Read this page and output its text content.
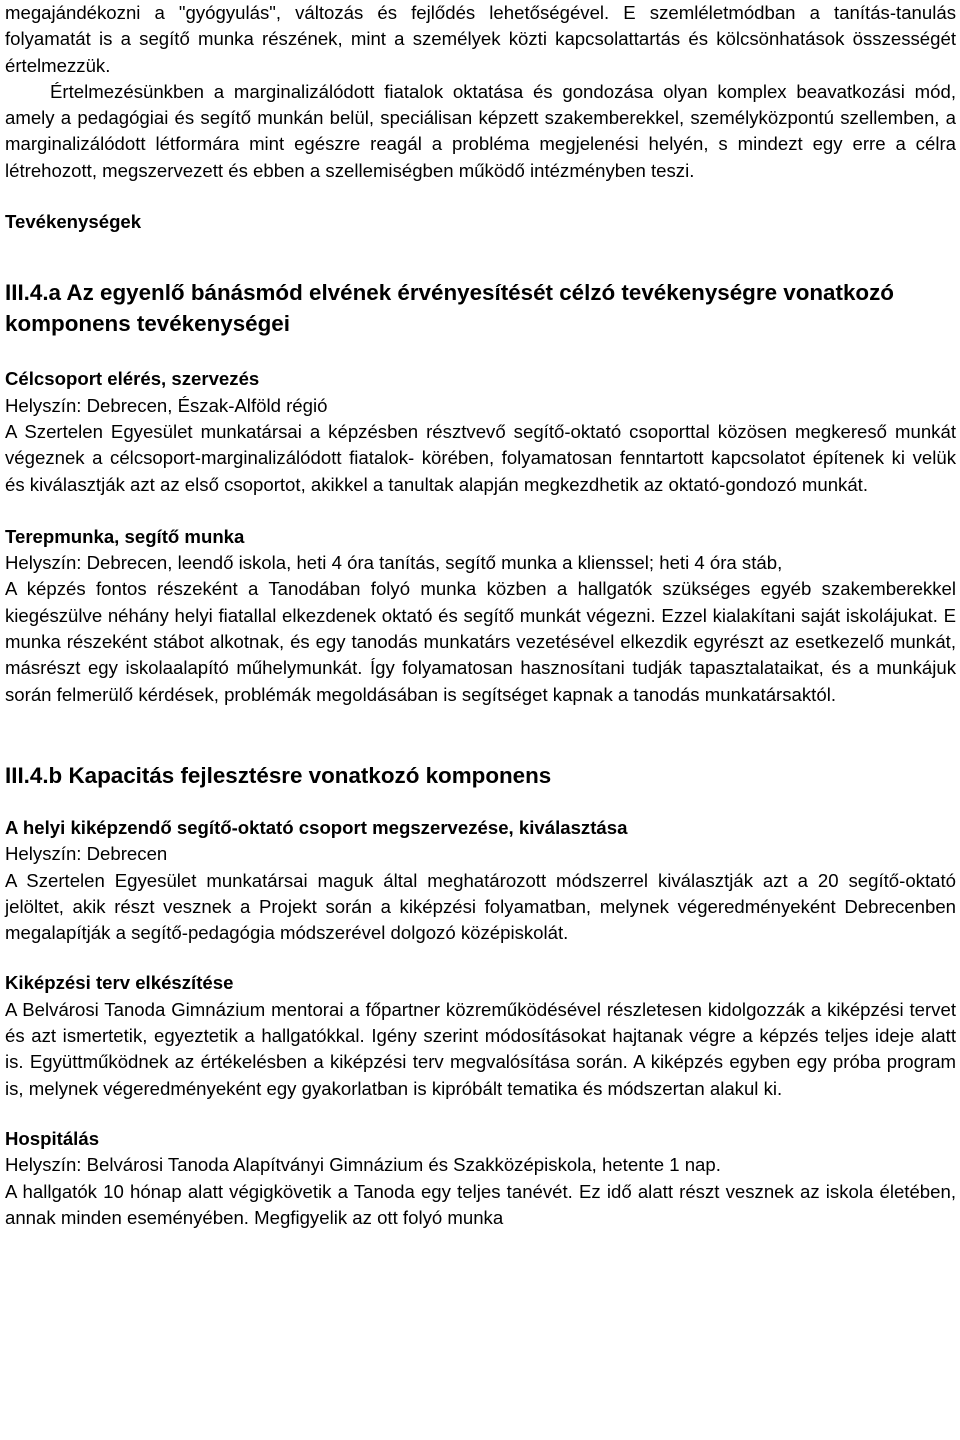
megajándékozni a "gyógyulás", változás és fejlődés lehetőségével. E szemléletmódban a tanítás-tanulás folyamatát is a segítő munka részének, mint a személyek közti kapcsolattartás és kölcsönhatások összességét értelmezzük.

Értelmezésünkben a marginalizálódott fiatalok oktatása és gondozása olyan komplex beavatkozási mód, amely a pedagógiai és segítő munkán belül, speciálisan képzett szakemberekkel, személyközpontú szellemben, a marginalizálódott létformára mint egészre reagál a probléma megjelenési helyén, s mindezt egy erre a célra létrehozott, megszervezett és ebben a szellemiségben működő intézményben teszi.

Tevékenységek

III.4.a Az egyenlő bánásmód elvének érvényesítését célzó tevékenységre vonatkozó komponens tevékenységei

Célcsoport elérés, szervezés

Helyszín: Debrecen, Észak-Alföld régió

A Szertelen Egyesület munkatársai a képzésben résztvevő segítő-oktató csoporttal közösen megkereső munkát végeznek a célcsoport-marginalizálódott fiatalok- körében, folyamatosan fenntartott kapcsolatot építenek ki velük és kiválasztják azt az első csoportot, akikkel a tanultak alapján megkezdhetik az oktató-gondozó munkát.

Terepmunka, segítő munka

Helyszín: Debrecen, leendő iskola, heti 4 óra tanítás, segítő munka a klienssel; heti 4 óra stáb,

A képzés fontos részeként a Tanodában folyó munka közben a hallgatók szükséges egyéb szakemberekkel kiegészülve néhány helyi fiatallal elkezdenek oktató és segítő munkát végezni. Ezzel kialakítani saját iskolájukat. E munka részeként stábot alkotnak, és egy tanodás munkatárs vezetésével elkezdik egyrészt az esetkezelő munkát, másrészt egy iskolaalapító műhelymunkát. Így folyamatosan hasznosítani tudják tapasztalataikat, és a munkájuk során felmerülő kérdések, problémák megoldásában is segítséget kapnak a tanodás munkatársaktól.

III.4.b Kapacitás fejlesztésre vonatkozó komponens

A helyi kiképzendő segítő-oktató csoport megszervezése, kiválasztása

Helyszín: Debrecen

A Szertelen Egyesület munkatársai maguk által meghatározott módszerrel kiválasztják azt a 20 segítő-oktató jelöltet, akik részt vesznek a Projekt során a kiképzési folyamatban, melynek végeredményeként Debrecenben megalapítják a segítő-pedagógia módszerével dolgozó középiskolát.

Kiképzési terv elkészítése

A Belvárosi Tanoda Gimnázium mentorai a főpartner közreműködésével részletesen kidolgozzák a kiképzési tervet és azt ismertetik, egyeztetik a hallgatókkal. Igény szerint módosításokat hajtanak végre a képzés teljes ideje alatt is. Együttműködnek az értékelésben a kiképzési terv megvalósítása során. A kiképzés egyben egy próba program is, melynek végeredményeként egy gyakorlatban is kipróbált tematika és módszertan alakul ki.

Hospitálás

Helyszín: Belvárosi Tanoda Alapítványi Gimnázium és Szakközépiskola, hetente 1 nap.

A hallgatók 10 hónap alatt végigkövetik a Tanoda egy teljes tanévét. Ez idő alatt részt vesznek az iskola életében, annak minden eseményében. Megfigyelik az ott folyó munka
